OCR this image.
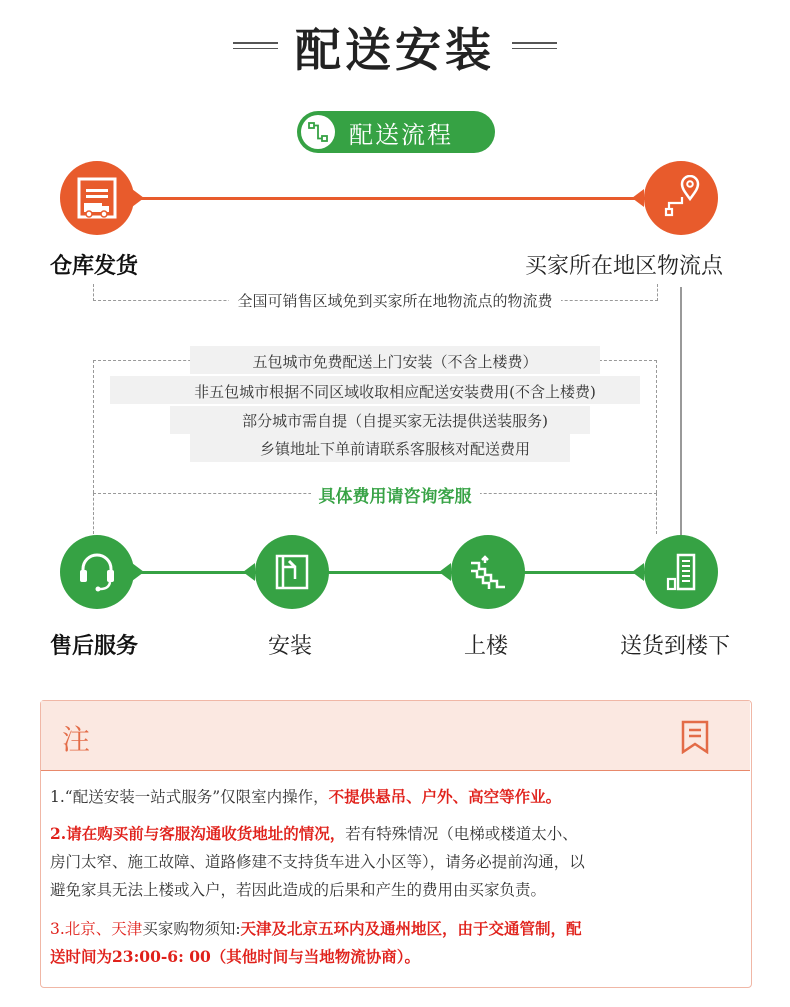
配送安装
配送流程
仓库发货	买家所在地区物流点
全国可销售区域免到买家所在地物流点的物流费
五包城市免费配送上门安装（不含上楼费）
非五包城市根据不同区域收取相应配送安装费用(不含上楼费)
部分城市需自提（自提买家无法提供送装服务)
乡镇地址下单前请联系客服核对配送费用
具体费用请咨询客服
售后服务	安装	上楼	送货到楼下
注
1.“配送安装一站式服务”仅限室内操作，不提供悬吊、户外、高空等作业。
2.请在购买前与客服沟通收货地址的情况，若有特殊情况（电梯或楼道太小、
房门太窄、施工故障、道路修建不支持货车进入小区等），请务必提前沟通，以
避免家具无法上楼或入户，若因此造成的后果和产生的费用由买家负责。
3.北京、天津买家购物须知:天津及北京五环内及通州地区，由于交通管制，配
送时间为23:00-6: 00（其他时间与当地物流协商）。
